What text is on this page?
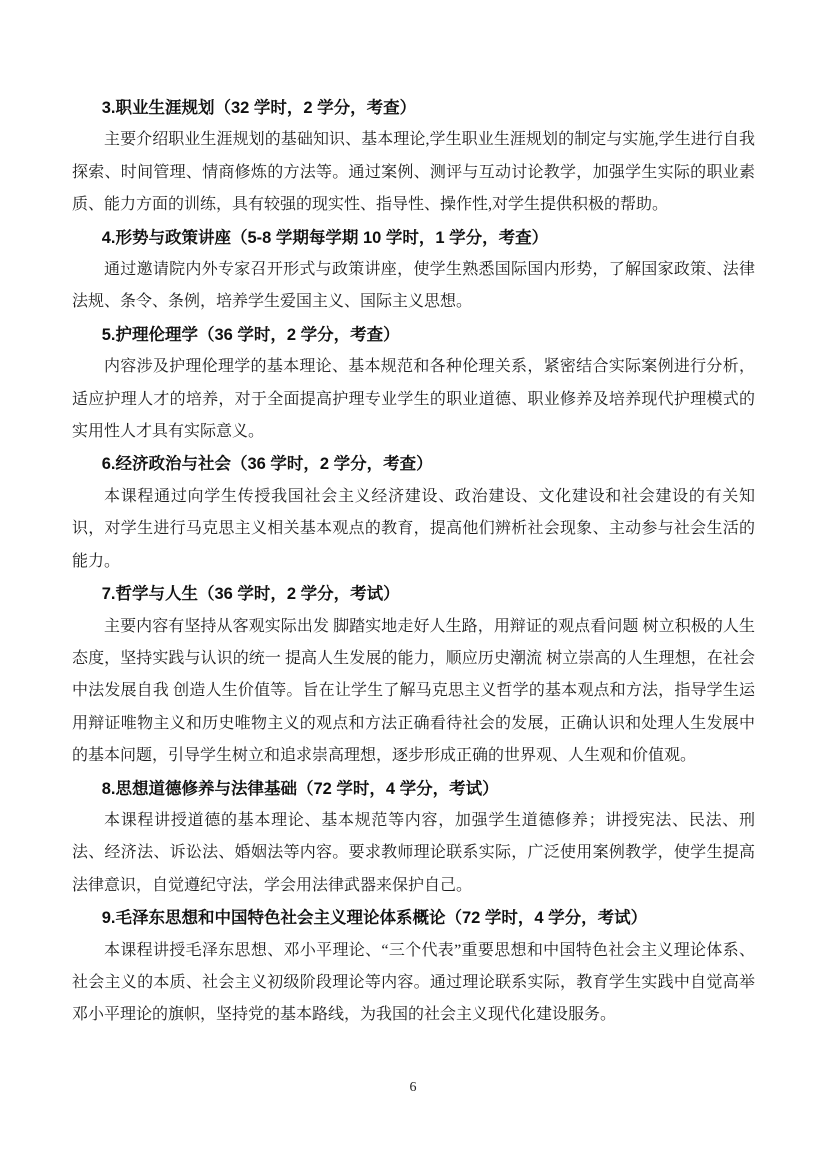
3.职业生涯规划（32 学时，2 学分，考查）

主要介绍职业生涯规划的基础知识、基本理论,学生职业生涯规划的制定与实施,学生进行自我探索、时间管理、情商修炼的方法等。通过案例、测评与互动讨论教学，加强学生实际的职业素质、能力方面的训练，具有较强的现实性、指导性、操作性,对学生提供积极的帮助。

4.形势与政策讲座（5-8 学期每学期 10 学时，1 学分，考查）

通过邀请院内外专家召开形式与政策讲座，使学生熟悉国际国内形势，了解国家政策、法律法规、条令、条例，培养学生爱国主义、国际主义思想。

5.护理伦理学（36 学时，2 学分，考查）

内容涉及护理伦理学的基本理论、基本规范和各种伦理关系，紧密结合实际案例进行分析，适应护理人才的培养，对于全面提高护理专业学生的职业道德、职业修养及培养现代护理模式的实用性人才具有实际意义。

6.经济政治与社会（36 学时，2 学分，考查）

本课程通过向学生传授我国社会主义经济建设、政治建设、文化建设和社会建设的有关知识，对学生进行马克思主义相关基本观点的教育，提高他们辨析社会现象、主动参与社会生活的能力。

7.哲学与人生（36 学时，2 学分，考试）

主要内容有坚持从客观实际出发 脚踏实地走好人生路，用辩证的观点看问题 树立积极的人生态度，坚持实践与认识的统一 提高人生发展的能力，顺应历史潮流 树立崇高的人生理想，在社会中法发展自我 创造人生价值等。旨在让学生了解马克思主义哲学的基本观点和方法，指导学生运用辩证唯物主义和历史唯物主义的观点和方法正确看待社会的发展，正确认识和处理人生发展中的基本问题，引导学生树立和追求崇高理想，逐步形成正确的世界观、人生观和价值观。

8.思想道德修养与法律基础（72 学时，4 学分，考试）

本课程讲授道德的基本理论、基本规范等内容，加强学生道德修养；讲授宪法、民法、刑法、经济法、诉讼法、婚姻法等内容。要求教师理论联系实际，广泛使用案例教学，使学生提高法律意识，自觉遵纪守法，学会用法律武器来保护自己。

9.毛泽东思想和中国特色社会主义理论体系概论（72 学时，4 学分，考试）

本课程讲授毛泽东思想、邓小平理论、“三个代表”重要思想和中国特色社会主义理论体系、社会主义的本质、社会主义初级阶段理论等内容。通过理论联系实际，教育学生实践中自觉高举邓小平理论的旗帜，坚持党的基本路线，为我国的社会主义现代化建设服务。

6
